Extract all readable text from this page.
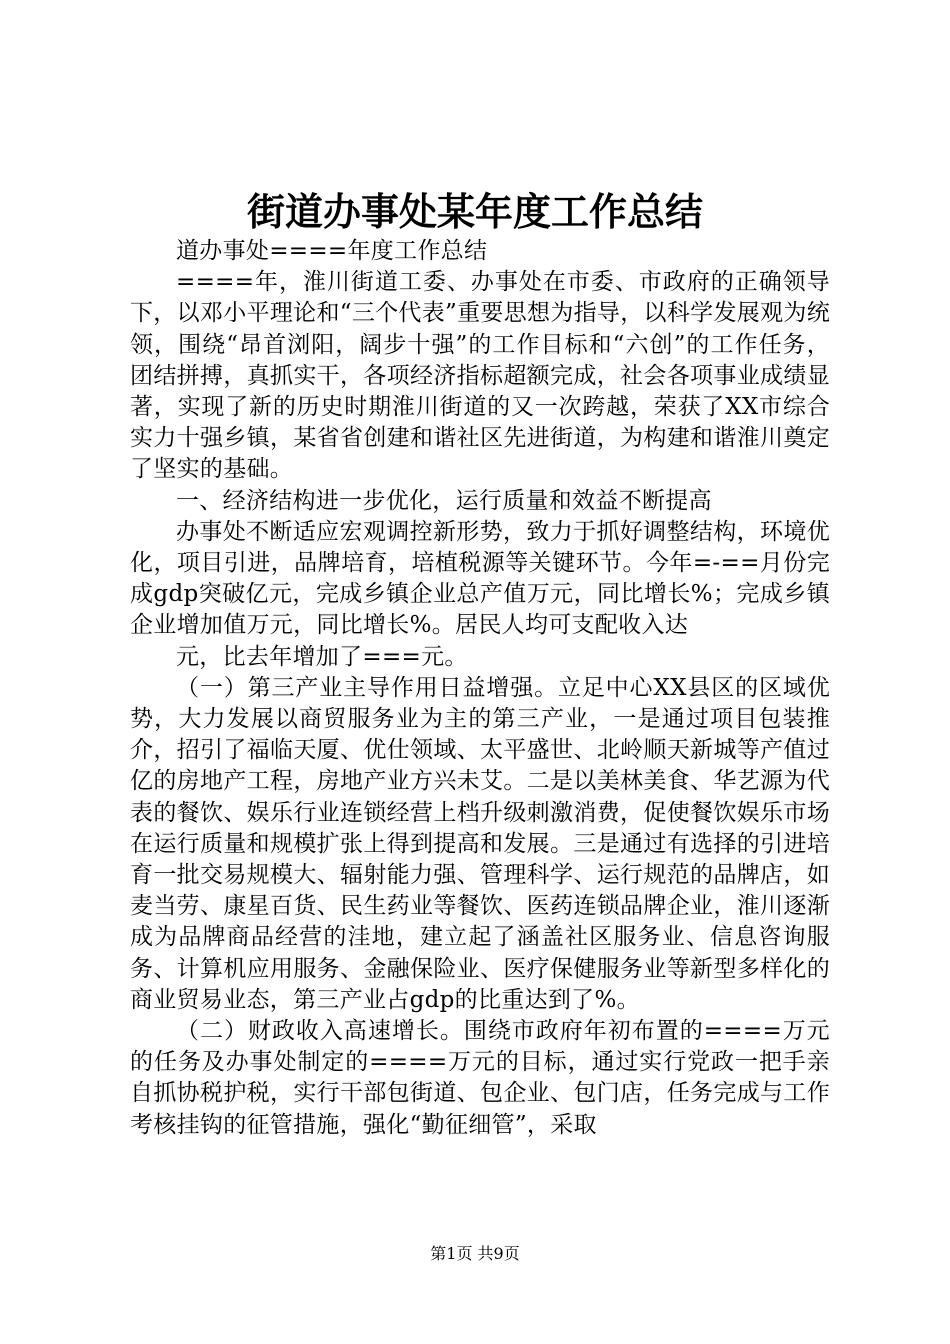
街道办事处某年度工作总结

道办事处====年度工作总结

====年，淮川街道工委、办事处在市委、市政府的正确领导下，以邓小平理论和“三个代表”重要思想为指导，以科学发展观为统领，围绕“昂首浏阳，阔步十强”的工作目标和“六创”的工作任务，团结拼搏，真抓实干，各项经济指标超额完成，社会各项事业成绩显著，实现了新的历史时期淮川街道的又一次跨越，荣获了XX市综合实力十强乡镇，某省省创建和谐社区先进街道，为构建和谐淮川奠定了坚实的基础。

一、经济结构进一步优化，运行质量和效益不断提高

办事处不断适应宏观调控新形势，致力于抓好调整结构，环境优化，项目引进，品牌培育，培植税源等关键环节。今年=-==月份完成gdp突破亿元，完成乡镇企业总产值万元，同比增长%；完成乡镇企业增加值万元，同比增长%。居民人均可支配收入达

元，比去年增加了===元。

（一）第三产业主导作用日益增强。立足中心XX县区的区域优势，大力发展以商贸服务业为主的第三产业，一是通过项目包装推介，招引了福临天厦、优仕领域、太平盛世、北岭顺天新城等产值过亿的房地产工程，房地产业方兴未艾。二是以美林美食、华艺源为代表的餐饮、娱乐行业连锁经营上档升级刺激消费，促使餐饮娱乐市场在运行质量和规模扩张上得到提高和发展。三是通过有选择的引进培育一批交易规模大、辐射能力强、管理科学、运行规范的品牌店，如麦当劳、康星百货、民生药业等餐饮、医药连锁品牌企业，淮川逐渐成为品牌商品经营的洼地，建立起了涵盖社区服务业、信息咨询服务、计算机应用服务、金融保险业、医疗保健服务业等新型多样化的商业贸易业态，第三产业占gdp的比重达到了%。

（二）财政收入高速增长。围绕市政府年初布置的====万元的任务及办事处制定的====万元的目标，通过实行党政一把手亲自抓协税护税，实行干部包街道、包企业、包门店，任务完成与工作考核挂钩的征管措施，强化“勤征细管”，采取

第1页 共9页
